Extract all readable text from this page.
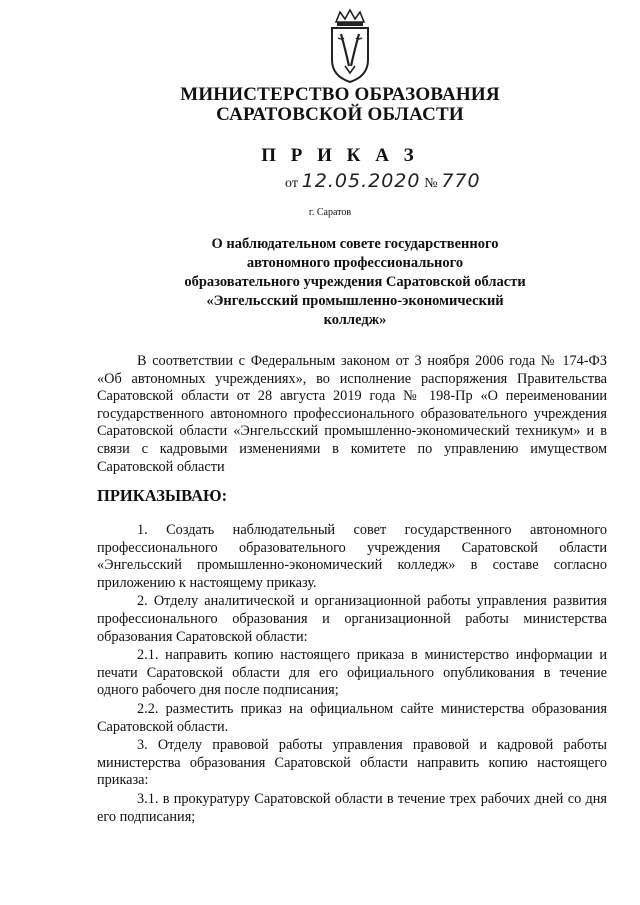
МИНИСТЕРСТВО ОБРАЗОВАНИЯ
САРАТОВСКОЙ ОБЛАСТИ
П Р И К А З
от 12.05.2020 № 770
г. Саратов
О наблюдательном совете государственного
автономного профессионального
образовательного учреждения Саратовской области
«Энгельсский промышленно-экономический
колледж»
В соответствии с Федеральным законом от 3 ноября 2006 года № 174-ФЗ «Об автономных учреждениях», во исполнение распоряжения Правительства Саратовской области от 28 августа 2019 года № 198-Пр «О переименовании государственного автономного профессионального образовательного учреждения Саратовской области «Энгельсский промышленно-экономический техникум» и в связи с кадровыми изменениями в комитете по управлению имуществом Саратовской области
ПРИКАЗЫВАЮ:

1. Создать наблюдательный совет государственного автономного профессионального образовательного учреждения Саратовской области «Энгельсский промышленно-экономический колледж» в составе согласно приложению к настоящему приказу.

2. Отделу аналитической и организационной работы управления развития профессионального образования и организационной работы министерства образования Саратовской области:

2.1. направить копию настоящего приказа в министерство информации и печати Саратовской области для его официального опубликования в течение одного рабочего дня после подписания;

2.2. разместить приказ на официальном сайте министерства образования Саратовской области.

3. Отделу правовой работы управления правовой и кадровой работы министерства образования Саратовской области направить копию настоящего приказа:

3.1. в прокуратуру Саратовской области в течение трех рабочих дней со дня его подписания;
